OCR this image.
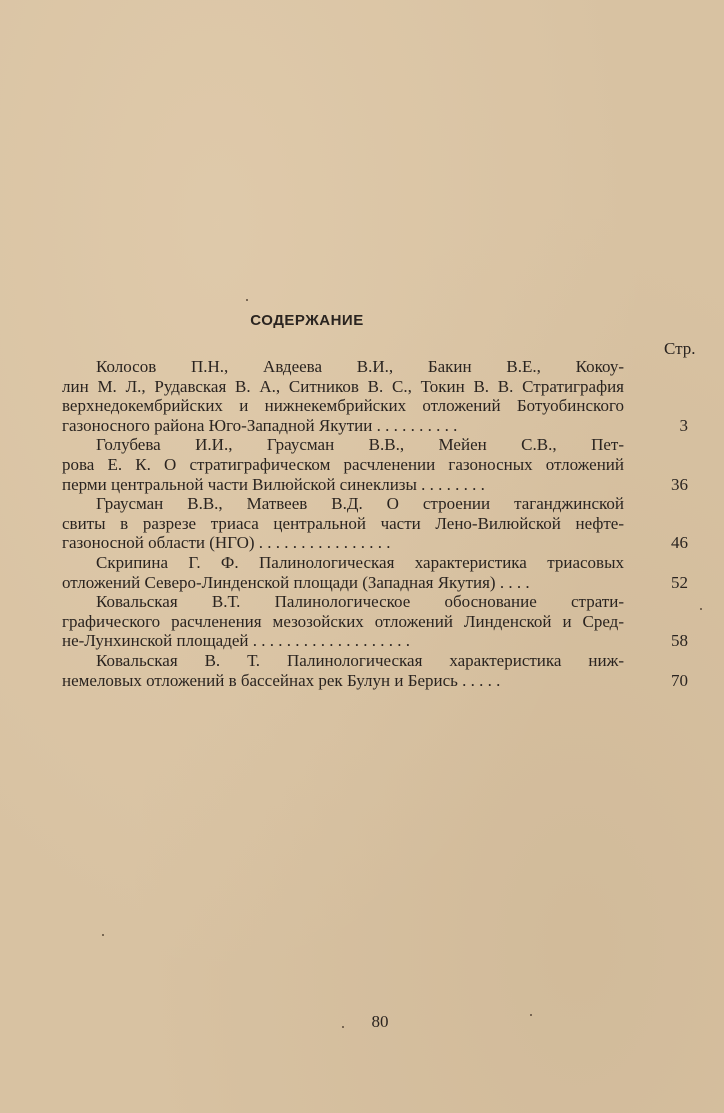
СОДЕРЖАНИЕ
Стр.
Колосов П.Н., Авдеева В.И., Бакин В.Е., Кокоу-
лин М. Л., Рудавская В. А., Ситников В. С., Токин В. В. Стратиграфия
верхнедокембрийских и нижнекембрийских отложений Ботуобинского
газоносного района Юго-Западной Якутии . . . . . . . . . .	3
Голубева И.И., Граусман В.В., Мейен С.В., Пет-
рова Е. К. О стратиграфическом расчленении газоносных отложений
перми центральной части Вилюйской синеклизы . . . . . . . .	36
Граусман В.В., Матвеев В.Д. О строении таганджинской
свиты в разрезе триаса центральной части Лено-Вилюйской нефте-
газоносной области (НГО) . . . . . . . . . . . . . . . .	46
Скрипина Г. Ф. Палинологическая характеристика триасовых
отложений Северо-Линденской площади (Западная Якутия) . . . .	52
Ковальская В.Т. Палинологическое обоснование страти-
графического расчленения мезозойских отложений Линденской и Сред-
не-Лунхинской площадей . . . . . . . . . . . . . . . . . . .	58
Ковальская В. Т. Палинологическая характеристика ниж-
немеловых отложений в бассейнах рек Булун и Берись . . . . .	70
80
